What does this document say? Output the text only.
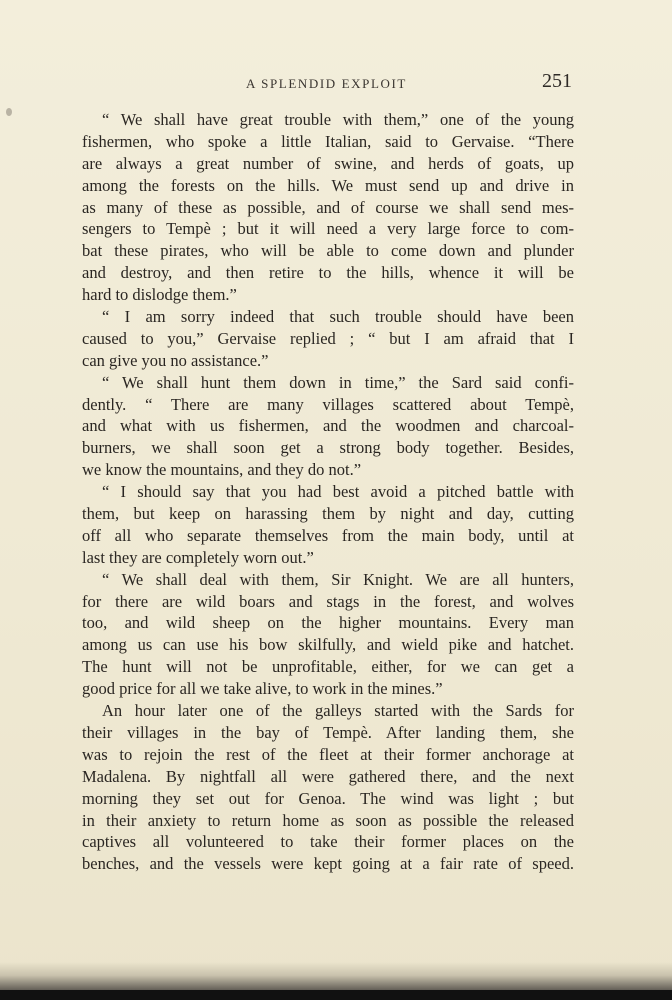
A SPLENDID EXPLOIT	251
“ We shall have great trouble with them,” one of the young
fishermen, who spoke a little Italian, said to Gervaise. “There
are always a great number of swine, and herds of goats, up
among the forests on the hills. We must send up and drive in
as many of these as possible, and of course we shall send mes-
sengers to Tempè ; but it will need a very large force to com-
bat these pirates, who will be able to come down and plunder
and destroy, and then retire to the hills, whence it will be
hard to dislodge them.”
“ I am sorry indeed that such trouble should have been
caused to you,” Gervaise replied ; “ but I am afraid that I
can give you no assistance.”
“ We shall hunt them down in time,” the Sard said confi-
dently. “ There are many villages scattered about Tempè,
and what with us fishermen, and the woodmen and charcoal-
burners, we shall soon get a strong body together. Besides,
we know the mountains, and they do not.”
“ I should say that you had best avoid a pitched battle with
them, but keep on harassing them by night and day, cutting
off all who separate themselves from the main body, until at
last they are completely worn out.”
“ We shall deal with them, Sir Knight. We are all hunters,
for there are wild boars and stags in the forest, and wolves
too, and wild sheep on the higher mountains. Every man
among us can use his bow skilfully, and wield pike and hatchet.
The hunt will not be unprofitable, either, for we can get a
good price for all we take alive, to work in the mines.”
An hour later one of the galleys started with the Sards for
their villages in the bay of Tempè. After landing them, she
was to rejoin the rest of the fleet at their former anchorage at
Madalena. By nightfall all were gathered there, and the next
morning they set out for Genoa. The wind was light ; but
in their anxiety to return home as soon as possible the released
captives all volunteered to take their former places on the
benches, and the vessels were kept going at a fair rate of speed.
